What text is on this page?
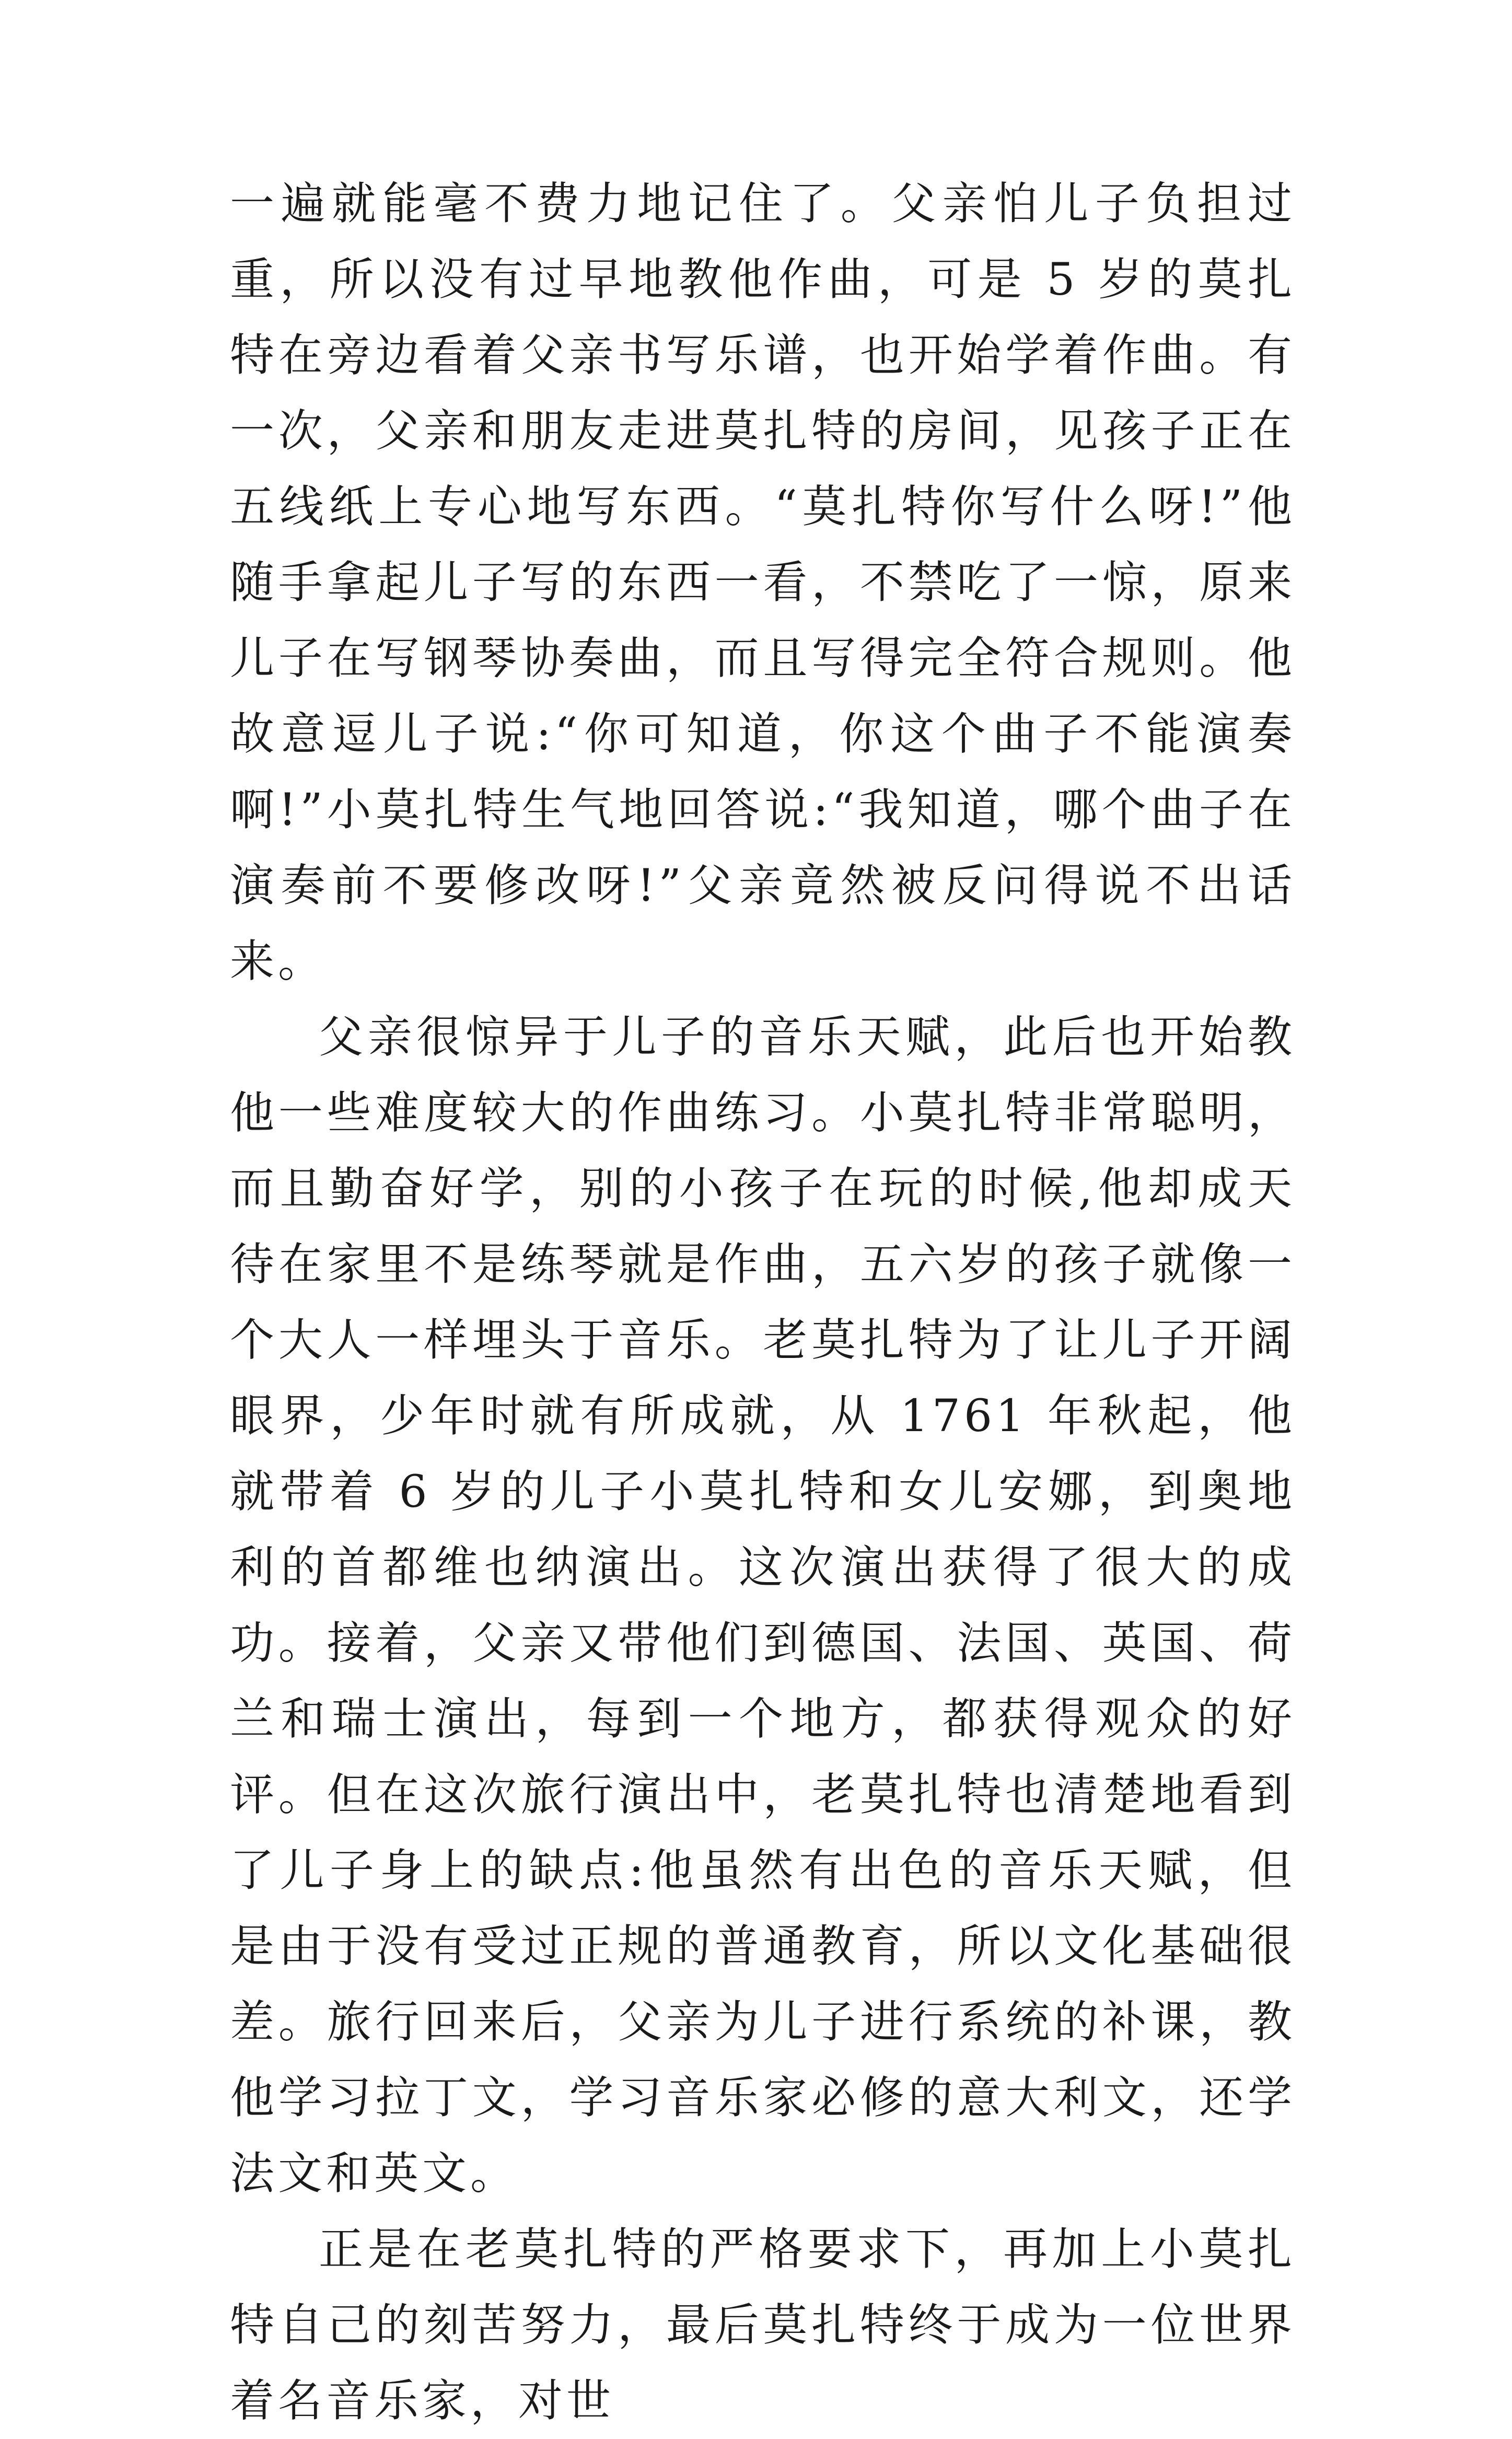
一遍就能毫不费力地记住了。父亲怕儿子负担过重，所以没有过早地教他作曲，可是 5 岁的莫扎特在旁边看着父亲书写乐谱，也开始学着作曲。有一次，父亲和朋友走进莫扎特的房间，见孩子正在五线纸上专心地写东西。“莫扎特你写什么呀!”他随手拿起儿子写的东西一看，不禁吃了一惊，原来儿子在写钢琴协奏曲，而且写得完全符合规则。他故意逗儿子说:“你可知道，你这个曲子不能演奏啊!”小莫扎特生气地回答说:“我知道，哪个曲子在演奏前不要修改呀!”父亲竟然被反问得说不出话来。

父亲很惊异于儿子的音乐天赋，此后也开始教他一些难度较大的作曲练习。小莫扎特非常聪明，而且勤奋好学，别的小孩子在玩的时候,他却成天待在家里不是练琴就是作曲，五六岁的孩子就像一个大人一样埋头于音乐。老莫扎特为了让儿子开阔眼界，少年时就有所成就，从 1761 年秋起，他就带着 6 岁的儿子小莫扎特和女儿安娜，到奥地利的首都维也纳演出。这次演出获得了很大的成功。接着，父亲又带他们到德国、法国、英国、荷兰和瑞士演出，每到一个地方，都获得观众的好评。但在这次旅行演出中，老莫扎特也清楚地看到了儿子身上的缺点:他虽然有出色的音乐天赋，但是由于没有受过正规的普通教育，所以文化基础很差。旅行回来后，父亲为儿子进行系统的补课，教他学习拉丁文，学习音乐家必修的意大利文，还学法文和英文。

正是在老莫扎特的严格要求下，再加上小莫扎特自己的刻苦努力，最后莫扎特终于成为一位世界着名音乐家，对世
